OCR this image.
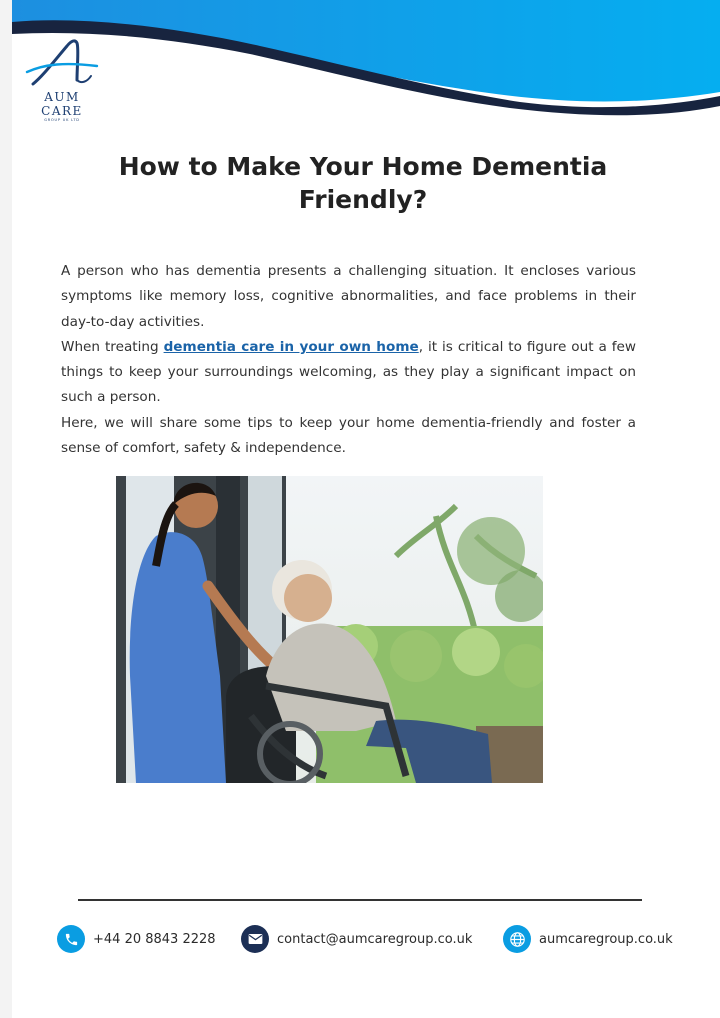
AUM CARE
GROUP UK LTD
How to Make Your Home Dementia Friendly?

A person who has dementia presents a challenging situation. It encloses various symptoms like memory loss, cognitive abnormalities, and face problems in their day-to-day activities.

When treating dementia care in your own home, it is critical to figure out a few things to keep your surroundings welcoming, as they play a significant impact on such a person.

Here, we will share some tips to keep your home dementia-friendly and foster a sense of comfort, safety & independence.

+44 20 8843 2228	contact@aumcaregroup.co.uk	aumcaregroup.co.uk
